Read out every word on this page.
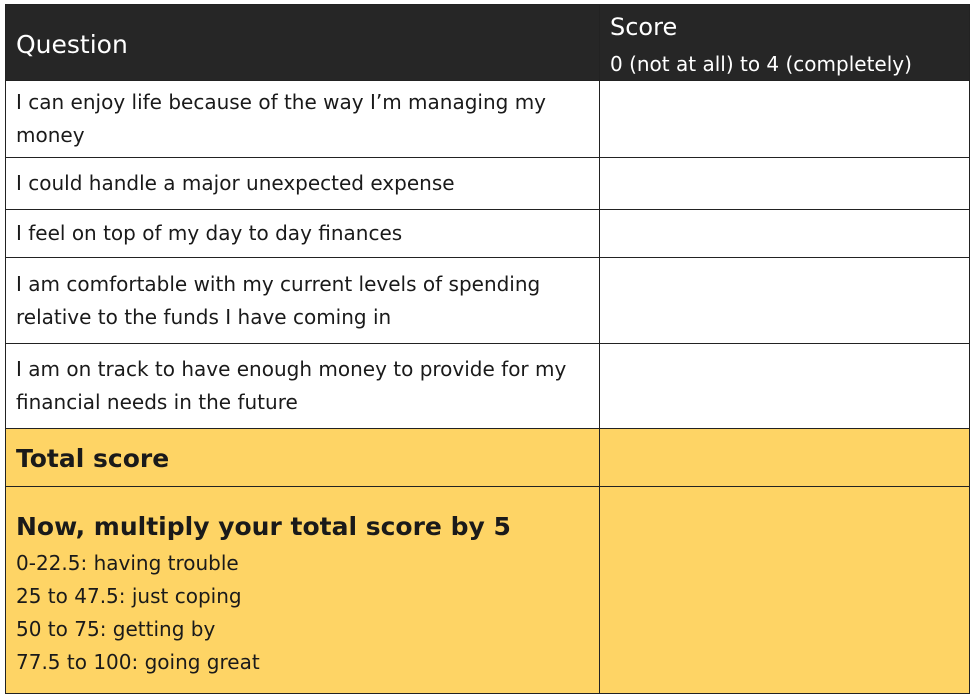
Question	Score
0 (not at all) to 4 (completely)

I can enjoy life because of the way I’m managing my money	
I could handle a major unexpected expense	
I feel on top of my day to day finances	
I am comfortable with my current levels of spending relative to the funds I have coming in	
I am on track to have enough money to provide for my financial needs in the future	
Total score	

Now, multiply your total score by 5
0-22.5: having trouble
25 to 47.5: just coping
50 to 75: getting by
77.5 to 100: going great	
